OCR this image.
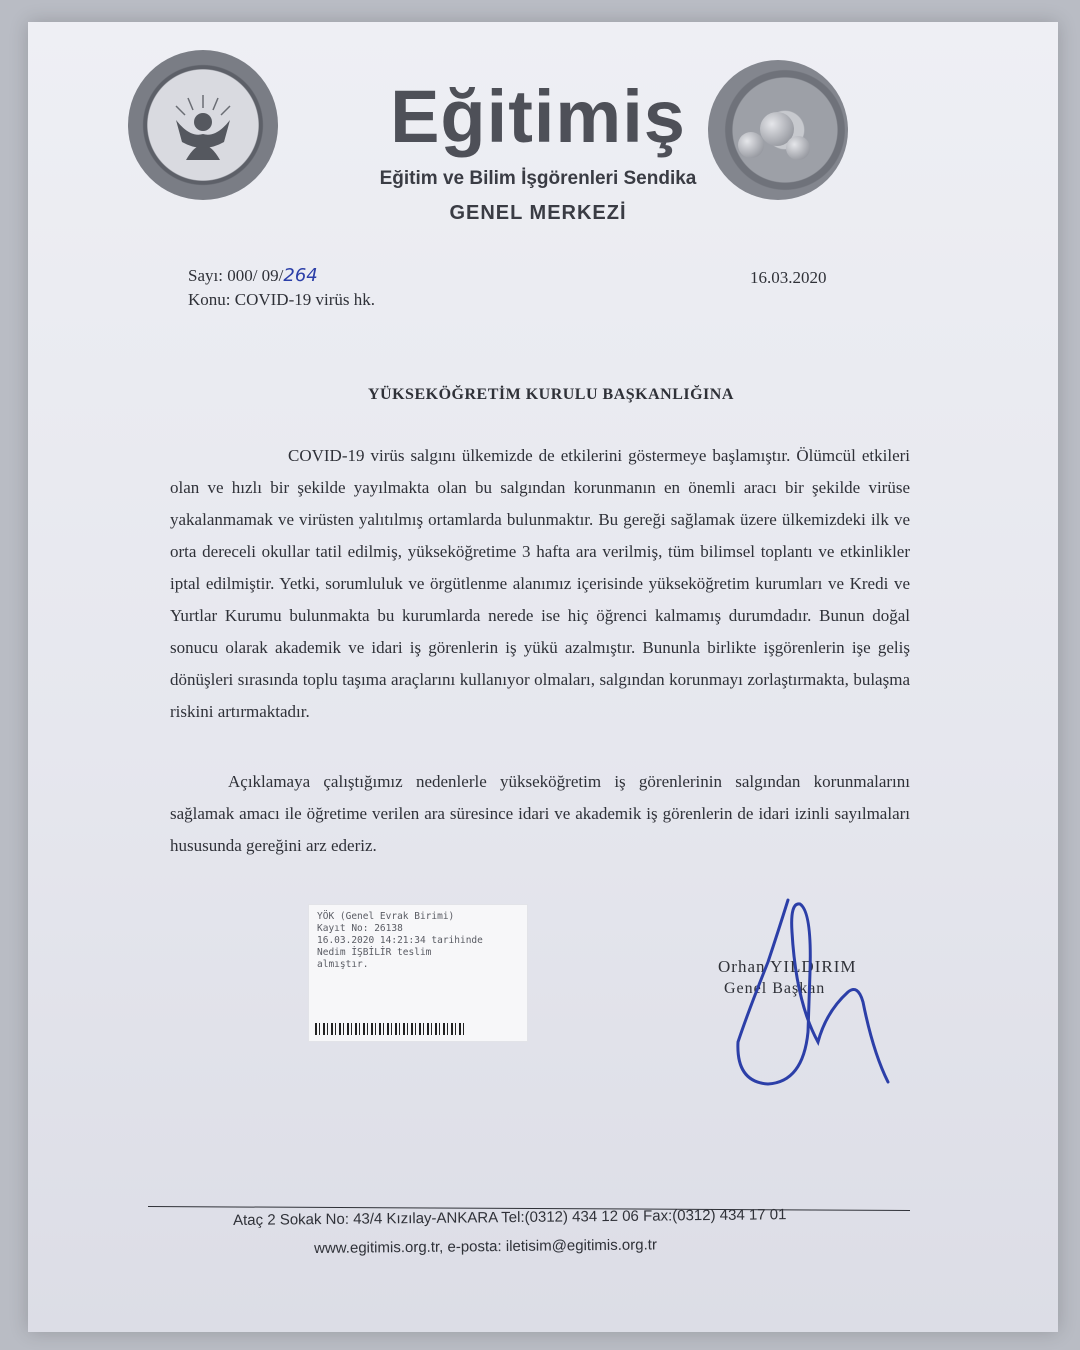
Eğitimiş
Eğitim ve Bilim İşgörenleri Sendika
GENEL MERKEZİ
Sayı: 000/ 09/264
Konu: COVID-19 virüs hk.
16.03.2020
YÜKSEKÖĞRETİM KURULU BAŞKANLIĞINA

COVID-19 virüs salgını ülkemizde de etkilerini göstermeye başlamıştır. Ölümcül etkileri olan ve hızlı bir şekilde yayılmakta olan bu salgından korunmanın en önemli aracı bir şekilde virüse yakalanmamak ve virüsten yalıtılmış ortamlarda bulunmaktır. Bu gereği sağlamak üzere ülkemizdeki ilk ve orta dereceli okullar tatil edilmiş, yükseköğretime 3 hafta ara verilmiş, tüm bilimsel toplantı ve etkinlikler iptal edilmiştir. Yetki, sorumluluk ve örgütlenme alanımız içerisinde yükseköğretim kurumları ve Kredi ve Yurtlar Kurumu bulunmakta bu kurumlarda nerede ise hiç öğrenci kalmamış durumdadır. Bunun doğal sonucu olarak akademik ve idari iş görenlerin iş yükü azalmıştır. Bununla birlikte işgörenlerin işe geliş dönüşleri sırasında toplu taşıma araçlarını kullanıyor olmaları, salgından korunmayı zorlaştırmakta, bulaşma riskini artırmaktadır.

Açıklamaya çalıştığımız nedenlerle yükseköğretim iş görenlerinin salgından korunmalarını sağlamak amacı ile öğretime verilen ara süresince idari ve akademik iş görenlerin de idari izinli sayılmaları hususunda gereğini arz ederiz.

YÖK (Genel Evrak Birimi)
Kayıt No: 26138
16.03.2020 14:21:34 tarihinde
Nedim İŞBİLİR teslim
almıştır.	Orhan YILDIRIM
Genel Başkan
Ataç 2 Sokak No: 43/4 Kızılay-ANKARA Tel:(0312) 434 12 06 Fax:(0312) 434 17 01
www.egitimis.org.tr, e-posta: iletisim@egitimis.org.tr
